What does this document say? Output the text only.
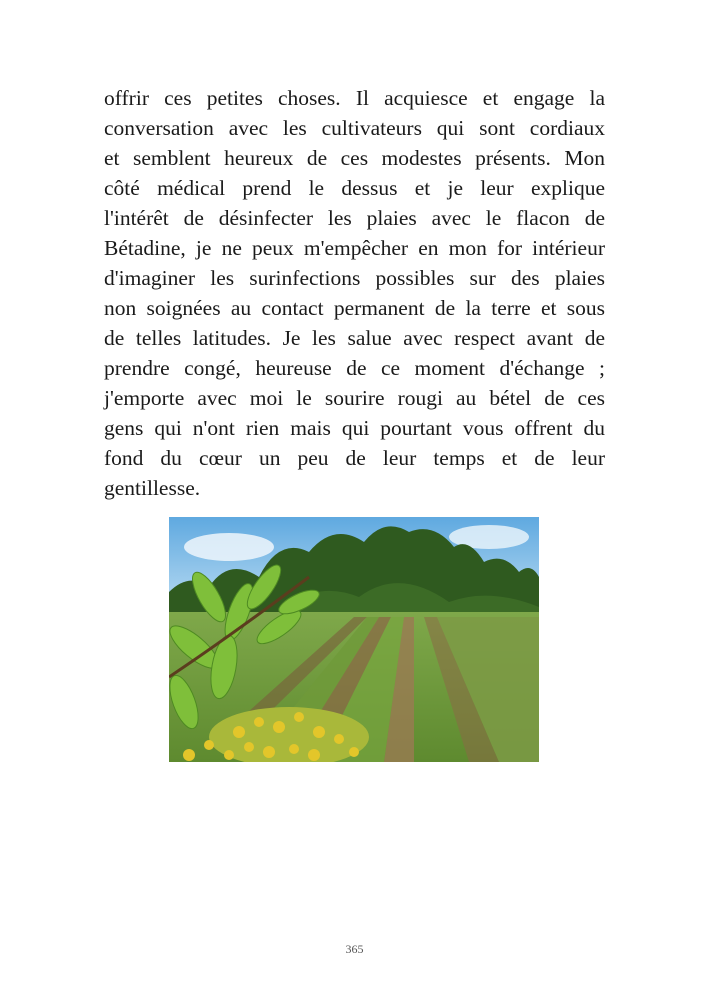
offrir ces petites choses. Il acquiesce et engage la
conversation avec les cultivateurs qui sont cordiaux
et semblent heureux de ces modestes présents. Mon
côté médical prend le dessus et je leur explique
l'intérêt de désinfecter les plaies avec le flacon de
Bétadine, je ne peux m'empêcher en mon for intérieur
d'imaginer les surinfections possibles sur des plaies
non soignées au contact permanent de la terre et sous
de telles latitudes. Je les salue avec respect avant de
prendre congé, heureuse de ce moment d'échange ;
j'emporte avec moi le sourire rougi au bétel de ces
gens qui n'ont rien mais qui pourtant vous offrent du
fond du cœur un peu de leur temps et de leur
gentillesse.
365
